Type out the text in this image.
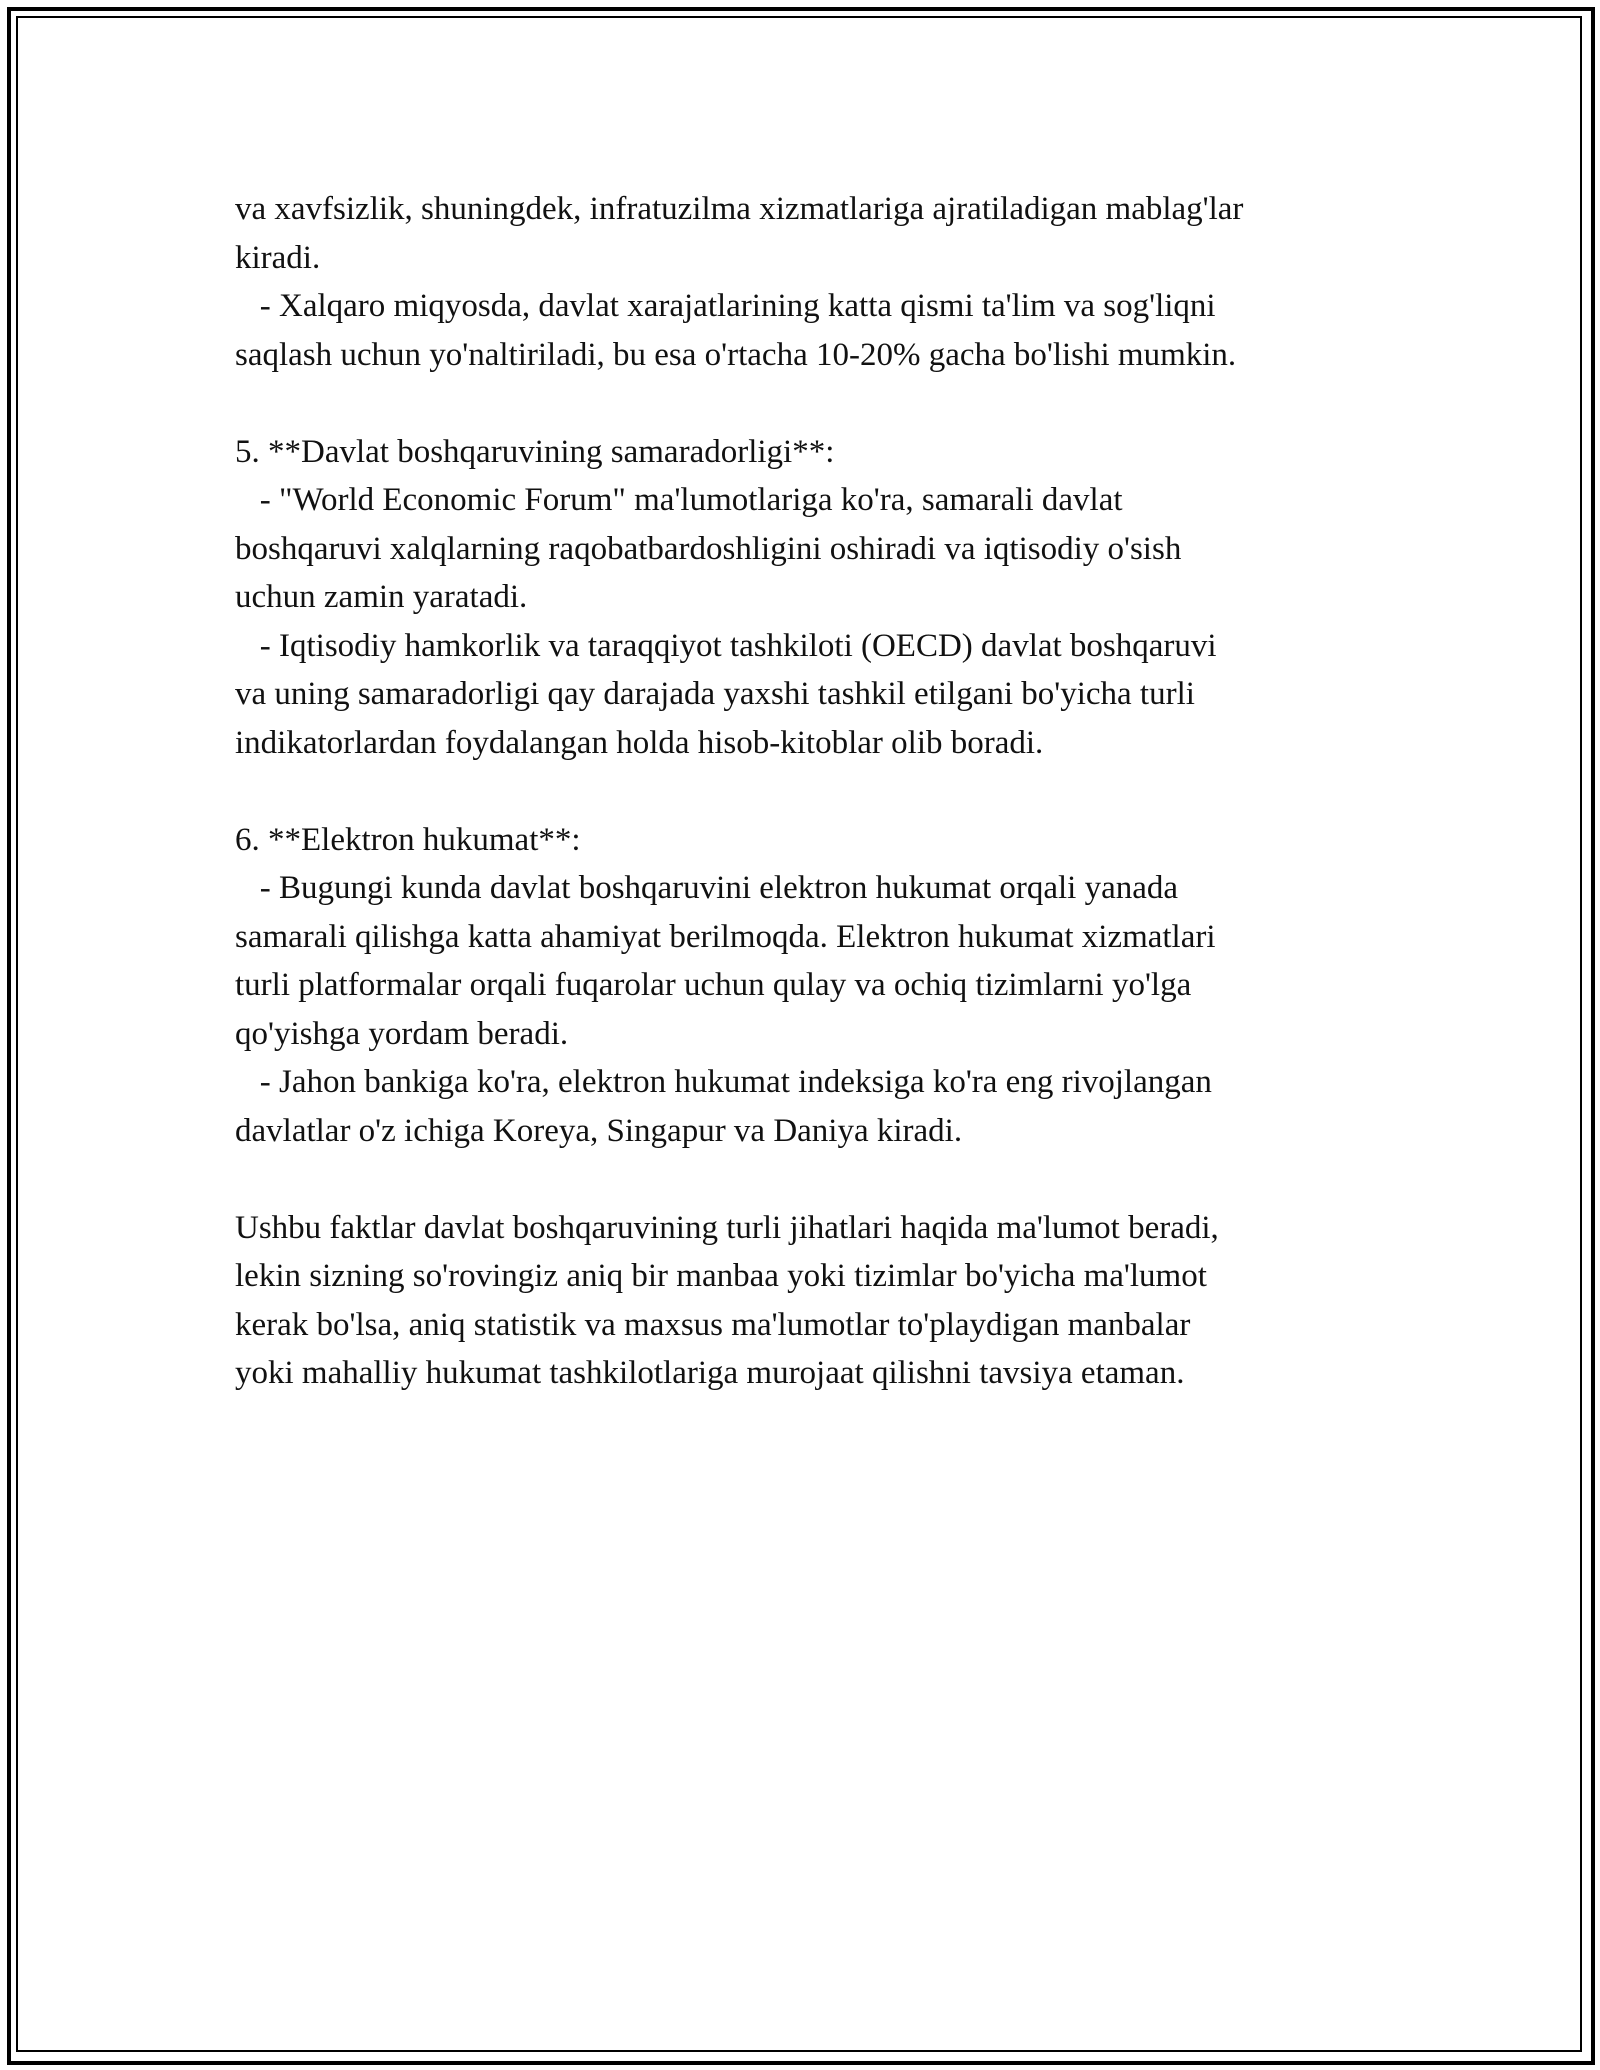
va xavfsizlik, shuningdek, infratuzilma xizmatlariga ajratiladigan mablag'lar
kiradi.
- Xalqaro miqyosda, davlat xarajatlarining katta qismi ta'lim va sog'liqni
saqlash uchun yo'naltiriladi, bu esa o'rtacha 10-20% gacha bo'lishi mumkin.
5. **Davlat boshqaruvining samaradorligi**:
- "World Economic Forum" ma'lumotlariga ko'ra, samarali davlat
boshqaruvi xalqlarning raqobatbardoshligini oshiradi va iqtisodiy o'sish
uchun zamin yaratadi.
- Iqtisodiy hamkorlik va taraqqiyot tashkiloti (OECD) davlat boshqaruvi
va uning samaradorligi qay darajada yaxshi tashkil etilgani bo'yicha turli
indikatorlardan foydalangan holda hisob-kitoblar olib boradi.
6. **Elektron hukumat**:
- Bugungi kunda davlat boshqaruvini elektron hukumat orqali yanada
samarali qilishga katta ahamiyat berilmoqda. Elektron hukumat xizmatlari
turli platformalar orqali fuqarolar uchun qulay va ochiq tizimlarni yo'lga
qo'yishga yordam beradi.
- Jahon bankiga ko'ra, elektron hukumat indeksiga ko'ra eng rivojlangan
davlatlar o'z ichiga Koreya, Singapur va Daniya kiradi.
Ushbu faktlar davlat boshqaruvining turli jihatlari haqida ma'lumot beradi,
lekin sizning so'rovingiz aniq bir manbaa yoki tizimlar bo'yicha ma'lumot
kerak bo'lsa, aniq statistik va maxsus ma'lumotlar to'playdigan manbalar
yoki mahalliy hukumat tashkilotlariga murojaat qilishni tavsiya etaman.
